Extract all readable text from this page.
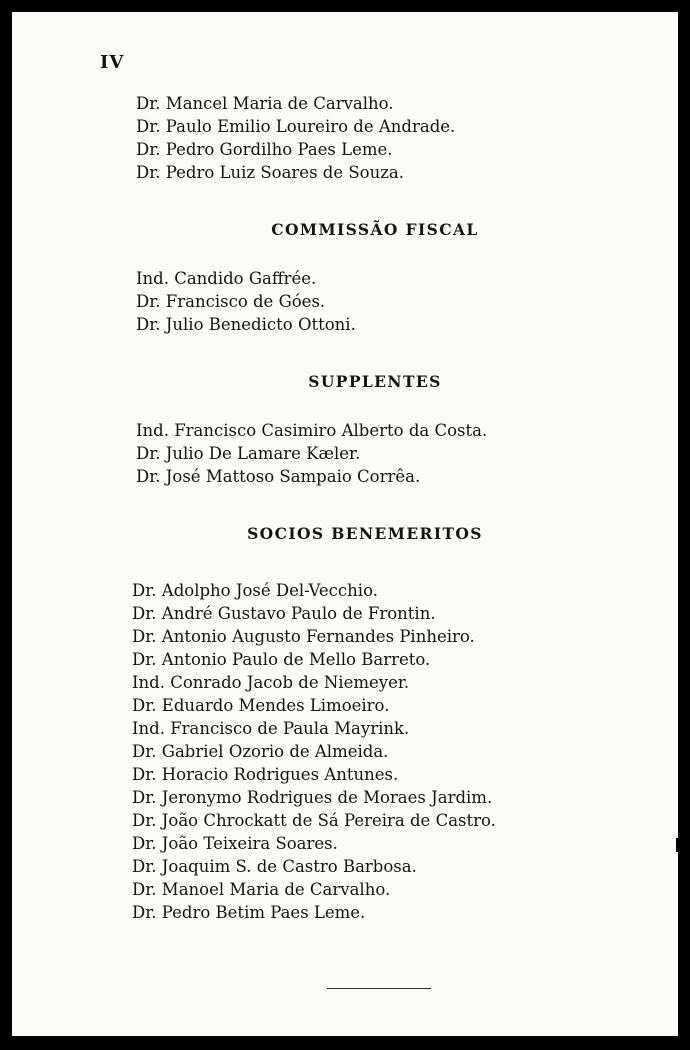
IV
Dr. Mancel Maria de Carvalho.
Dr. Paulo Emilio Loureiro de Andrade.
Dr. Pedro Gordilho Paes Leme.
Dr. Pedro Luiz Soares de Souza.
COMMISSÃO FISCAL
Ind. Candido Gaffrée.
Dr. Francisco de Góes.
Dr. Julio Benedicto Ottoni.
SUPPLENTES
Ind. Francisco Casimiro Alberto da Costa.
Dr. Julio De Lamare Kæler.
Dr. José Mattoso Sampaio Corrêa.
SOCIOS BENEMERITOS
Dr. Adolpho José Del-Vecchio.
Dr. André Gustavo Paulo de Frontin.
Dr. Antonio Augusto Fernandes Pinheiro.
Dr. Antonio Paulo de Mello Barreto.
Ind. Conrado Jacob de Niemeyer.
Dr. Eduardo Mendes Limoeiro.
Ind. Francisco de Paula Mayrink.
Dr. Gabriel Ozorio de Almeida.
Dr. Horacio Rodrigues Antunes.
Dr. Jeronymo Rodrigues de Moraes Jardim.
Dr. João Chrockatt de Sá Pereira de Castro.
Dr. João Teixeira Soares.
Dr. Joaquim S. de Castro Barbosa.
Dr. Manoel Maria de Carvalho.
Dr. Pedro Betim Paes Leme.
